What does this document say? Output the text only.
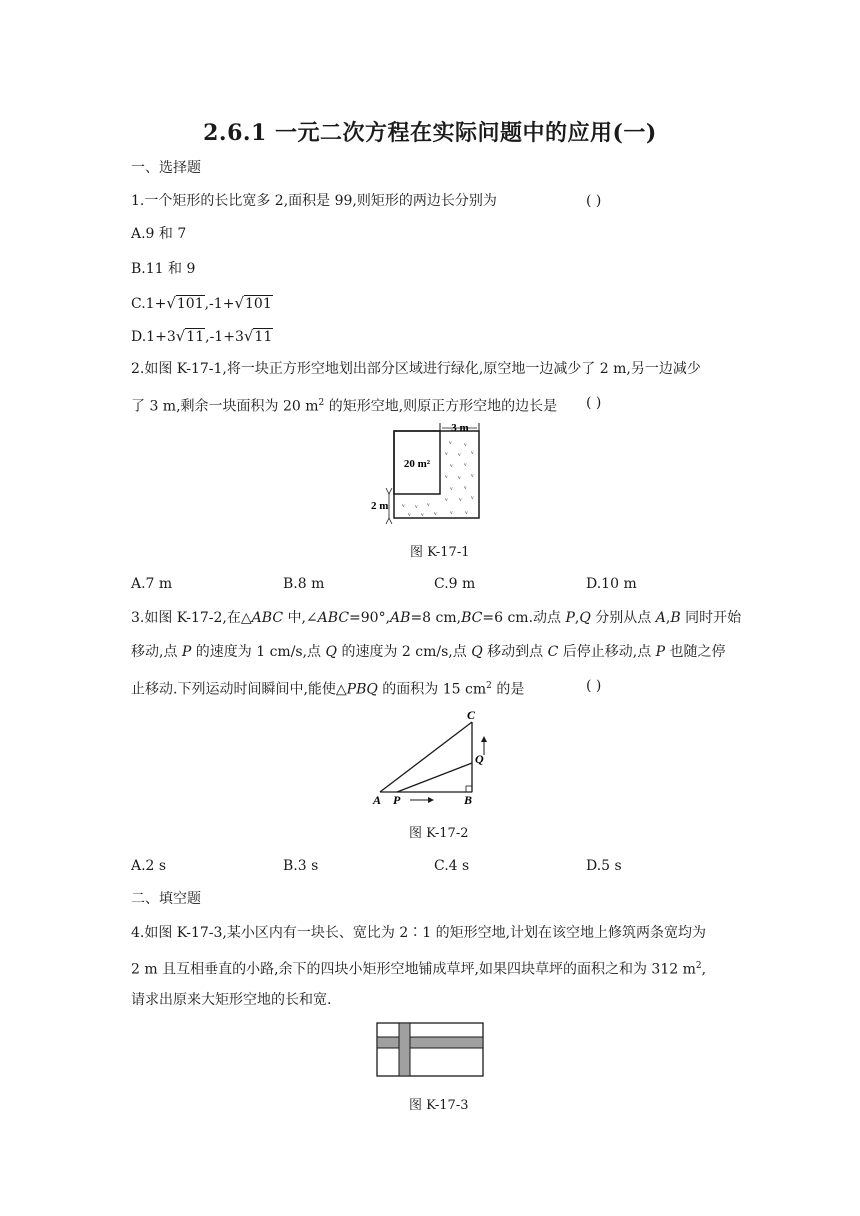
2.6.1 一元二次方程在实际问题中的应用(一)
一、选择题
1.一个矩形的长比宽多 2,面积是 99,则矩形的两边长分别为	( )
A.9 和 7
B.11 和 9
C.1+√101,-1+√101
D.1+3√11,-1+3√11
2.如图 K-17-1,将一块正方形空地划出部分区域进行绿化,原空地一边减少了 2 m,另一边减少
了 3 m,剩余一块面积为 20 $m^2$ 的矩形空地,则原正方形空地的边长是 ( )
3 m
20 m²
2 m
ᵥ ᵥ
ᵥ ᵥ ᵥ
ᵥ ᵥ
ᵥ ᵥ ᵥ
ᵥ ᵥ
ᵥ ᵥ ᵥ
ᵥ ᵥ ᵥ
ᵥ ᵥ ᵥ ᵥ ᵥ
图 K-17-1
A.7 m	B.8 m	C.9 m	D.10 m
3.如图 K-17-2,在△ABC 中,∠ABC=90°,AB=8 cm,BC=6 cm.动点 P,Q 分别从点 A,B 同时开始
移动,点 P 的速度为 1 cm/s,点 Q 的速度为 2 cm/s,点 Q 移动到点 C 后停止移动,点 P 也随之停
止移动.下列运动时间瞬间中,能使△PBQ 的面积为 15 $cm^2$ 的是	( )
C
Q
A P	B
图 K-17-2
A.2 s	B.3 s	C.4 s	D.5 s
二、填空题
4.如图 K-17-3,某小区内有一块长、宽比为 2∶1 的矩形空地,计划在该空地上修筑两条宽均为
2 m 且互相垂直的小路,余下的四块小矩形空地铺成草坪,如果四块草坪的面积之和为 312 $m^2$,
请求出原来大矩形空地的长和宽.
图 K-17-3
